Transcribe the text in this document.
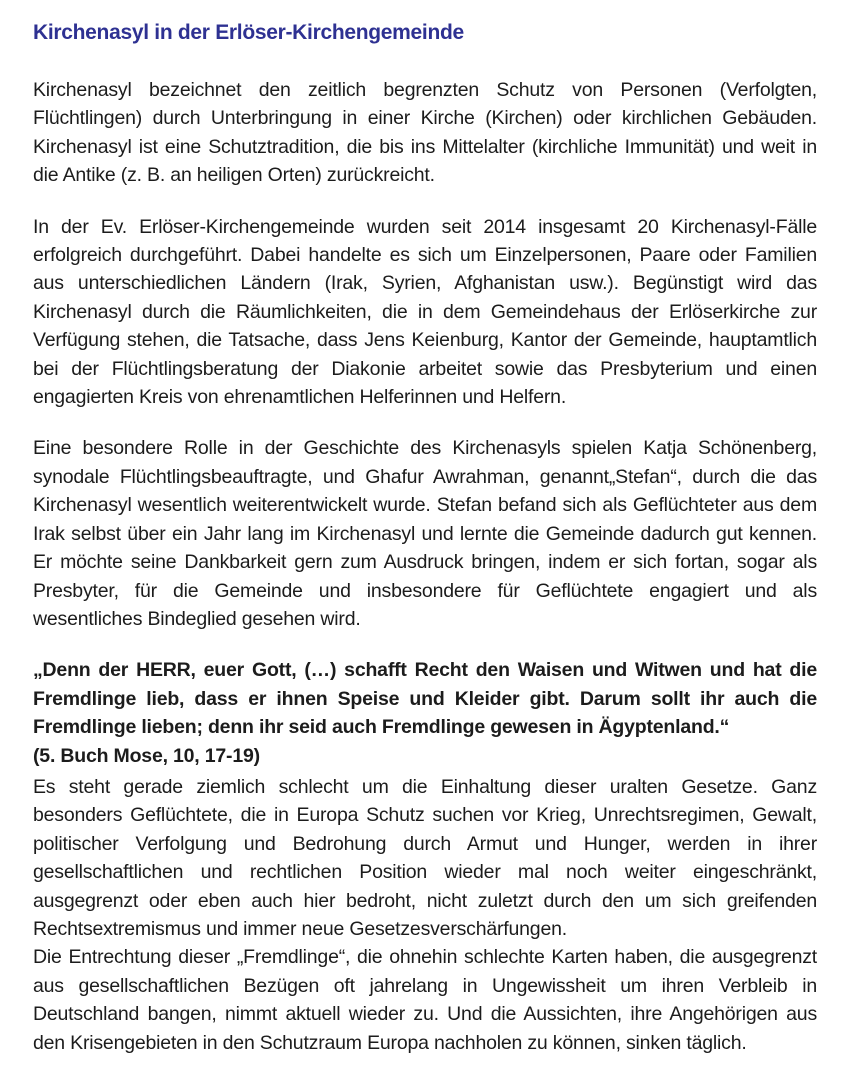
Kirchenasyl in der Erlöser-Kirchengemeinde

Kirchenasyl bezeichnet den zeitlich begrenzten Schutz von Personen (Verfolgten, Flüchtlingen) durch Unterbringung in einer Kirche (Kirchen) oder kirchlichen Gebäuden. Kirchenasyl ist eine Schutztradition, die bis ins Mittelalter (kirchliche Immunität) und weit in die Antike (z. B. an heiligen Orten) zurückreicht.

In der Ev. Erlöser-Kirchengemeinde wurden seit 2014 insgesamt 20 Kirchenasyl-Fälle erfolgreich durchgeführt. Dabei handelte es sich um Einzelpersonen, Paare oder Familien aus unterschiedlichen Ländern (Irak, Syrien, Afghanistan usw.). Begünstigt wird das Kirchenasyl durch die Räumlichkeiten, die in dem Gemeindehaus der Erlöserkirche zur Verfügung stehen, die Tatsache, dass Jens Keienburg, Kantor der Gemeinde, hauptamtlich bei der Flüchtlingsberatung der Diakonie arbeitet sowie das Presbyterium und einen engagierten Kreis von ehrenamtlichen Helferinnen und Helfern.

Eine besondere Rolle in der Geschichte des Kirchenasyls spielen Katja Schönenberg, synodale Flüchtlingsbeauftragte, und Ghafur Awrahman, genannt„Stefan“, durch die das Kirchenasyl wesentlich weiterentwickelt wurde. Stefan befand sich als Geflüchteter aus dem Irak selbst über ein Jahr lang im Kirchenasyl und lernte die Gemeinde dadurch gut kennen. Er möchte seine Dankbarkeit gern zum Ausdruck bringen, indem er sich fortan, sogar als Presbyter, für die Gemeinde und insbesondere für Geflüchtete engagiert und als wesentliches Bindeglied gesehen wird.

„Denn der HERR, euer Gott, (…) schafft Recht den Waisen und Witwen und hat die Fremdlinge lieb, dass er ihnen Speise und Kleider gibt. Darum sollt ihr auch die Fremdlinge lieben; denn ihr seid auch Fremdlinge gewesen in Ägyptenland.“

(5. Buch Mose, 10, 17-19)

Es steht gerade ziemlich schlecht um die Einhaltung dieser uralten Gesetze. Ganz besonders Geflüchtete, die in Europa Schutz suchen vor Krieg, Unrechtsregimen, Gewalt, politischer Verfolgung und Bedrohung durch Armut und Hunger, werden in ihrer gesellschaftlichen und rechtlichen Position wieder mal noch weiter eingeschränkt, ausgegrenzt oder eben auch hier bedroht, nicht zuletzt durch den um sich greifenden Rechtsextremismus und immer neue Gesetzesverschärfungen.

Die Entrechtung dieser „Fremdlinge“, die ohnehin schlechte Karten haben, die ausgegrenzt aus gesellschaftlichen Bezügen oft jahrelang in Ungewissheit um ihren Verbleib in Deutschland bangen, nimmt aktuell wieder zu. Und die Aussichten, ihre Angehörigen aus den Krisengebieten in den Schutzraum Europa nachholen zu können, sinken täglich.
